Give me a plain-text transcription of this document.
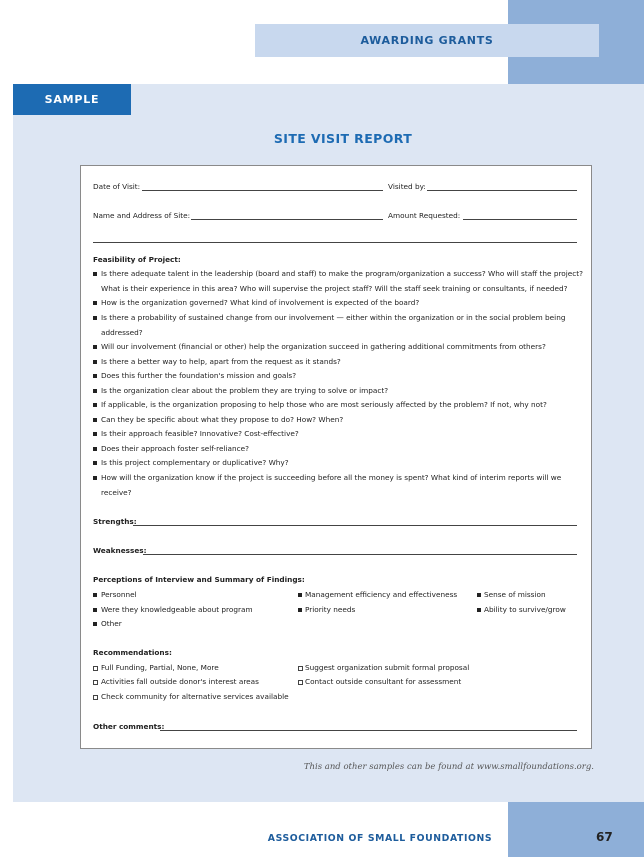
AWARDING GRANTS
SAMPLE
SITE VISIT REPORT
Date of Visit:	Visited by:
Name and Address of Site:	Amount Requested:
Feasibility of Project:
Is there adequate talent in the leadership (board and staff) to make the program/organization a success? Who will staff the project?
What is their experience in this area? Who will supervise the project staff? Will the staff seek training or consultants, if needed?
How is the organization governed? What kind of involvement is expected of the board?
Is there a probability of sustained change from our involvement — either within the organization or in the social problem being
addressed?
Will our involvement (financial or other) help the organization succeed in gathering additional commitments from others?
Is there a better way to help, apart from the request as it stands?
Does this further the foundation's mission and goals?
Is the organization clear about the problem they are trying to solve or impact?
If applicable, is the organization proposing to help those who are most seriously affected by the problem? If not, why not?
Can they be specific about what they propose to do? How? When?
Is their approach feasible? Innovative? Cost-effective?
Does their approach foster self-reliance?
Is this project complementary or duplicative? Why?
How will the organization know if the project is succeeding before all the money is spent? What kind of interim reports will we
receive?
Strengths:
Weaknesses:
Perceptions of Interview and Summary of Findings:
Personnel	Management efficiency and effectiveness	Sense of mission
Were they knowledgeable about program	Priority needs	Ability to survive/grow
Other
Recommendations:
Full Funding, Partial, None, More	Suggest organization submit formal proposal
Activities fall outside donor's interest areas	Contact outside consultant for assessment
Check community for alternative services available
Other comments:
This and other samples can be found at www.smallfoundations.org.
ASSOCIATION OF SMALL FOUNDATIONS	67
